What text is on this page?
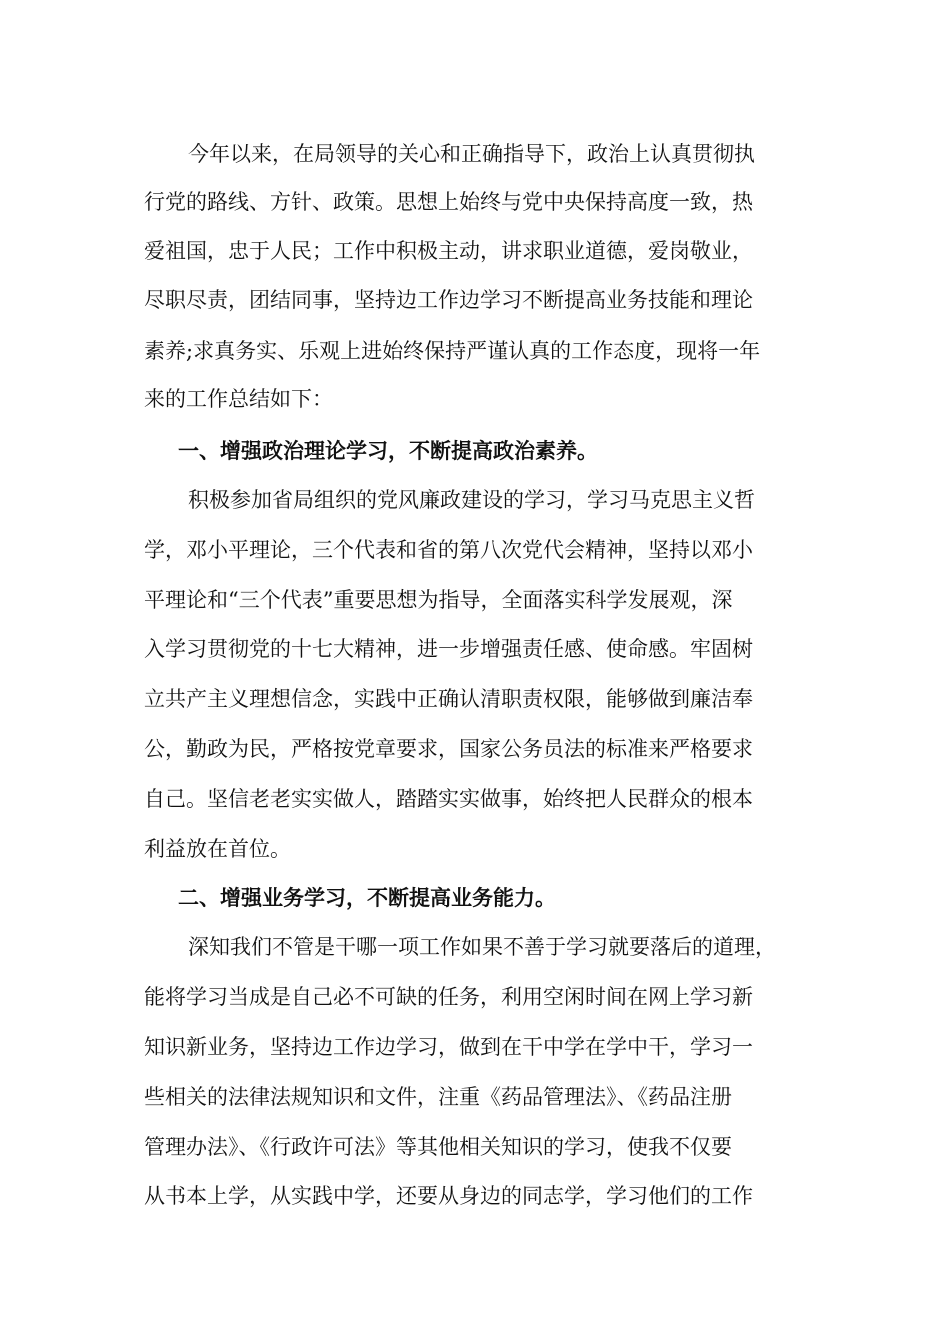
今年以来，在局领导的关心和正确指导下，政治上认真贯彻执

行党的路线、方针、政策。思想上始终与党中央保持高度一致，热

爱祖国，忠于人民；工作中积极主动，讲求职业道德，爱岗敬业，

尽职尽责，团结同事，坚持边工作边学习不断提高业务技能和理论

素养;求真务实、乐观上进始终保持严谨认真的工作态度，现将一年

来的工作总结如下：

一、增强政治理论学习，不断提高政治素养。

积极参加省局组织的党风廉政建设的学习，学习马克思主义哲

学，邓小平理论，三个代表和省的第八次党代会精神，坚持以邓小

平理论和“三个代表”重要思想为指导，全面落实科学发展观，深

入学习贯彻党的十七大精神，进一步增强责任感、使命感。牢固树

立共产主义理想信念，实践中正确认清职责权限，能够做到廉洁奉

公，勤政为民，严格按党章要求，国家公务员法的标准来严格要求

自己。坚信老老实实做人，踏踏实实做事，始终把人民群众的根本

利益放在首位。

二、增强业务学习，不断提高业务能力。

深知我们不管是干哪一项工作如果不善于学习就要落后的道理，

能将学习当成是自己必不可缺的任务，利用空闲时间在网上学习新

知识新业务，坚持边工作边学习，做到在干中学在学中干，学习一

些相关的法律法规知识和文件，注重《药品管理法》、《药品注册

管理办法》、《行政许可法》等其他相关知识的学习，使我不仅要

从书本上学，从实践中学，还要从身边的同志学，学习他们的工作
